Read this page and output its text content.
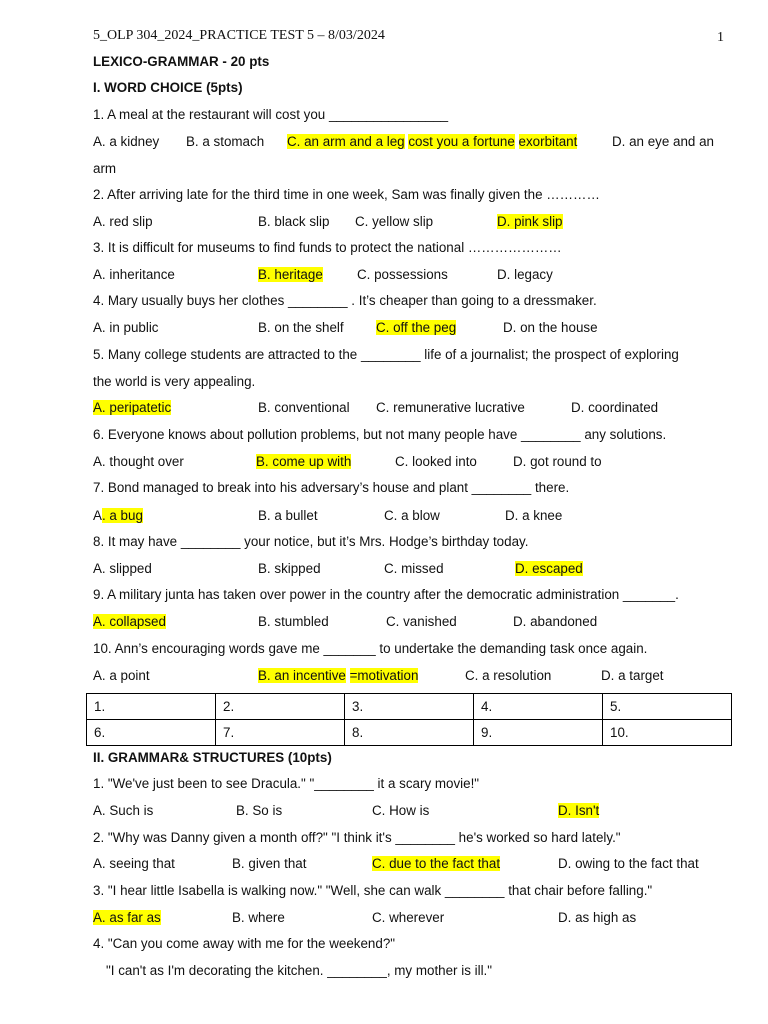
5_OLP 304_2024_PRACTICE TEST 5 – 8/03/2024	1
LEXICO-GRAMMAR - 20 pts
I. WORD CHOICE (5pts)
1. A meal at the restaurant will cost you ________________
A. a kidney B. a stomach C. an arm and a leg cost you a fortune exorbitant	D. an eye and an
arm
2. After arriving late for the third time in one week, Sam was finally given the …………
A. red slip	B. black slip C. yellow slip	D. pink slip
3. It is difficult for museums to find funds to protect the national …………………
A. inheritance	B. heritage	C. possessions	D. legacy
4. Mary usually buys her clothes ________ . It’s cheaper than going to a dressmaker.
A. in public	B. on the shelf C. off the peg	D. on the house
5. Many college students are attracted to the ________ life of a journalist; the prospect of exploring
the world is very appealing.
A. peripatetic	B. conventional C. remunerative lucrative	D. coordinated
6. Everyone knows about pollution problems, but not many people have ________ any solutions.
A. thought over	B. come up with	C. looked into	D. got round to
7. Bond managed to break into his adversary’s house and plant ________ there.
A. a bug	B. a bullet	C. a blow	D. a knee
8. It may have ________ your notice, but it’s Mrs. Hodge’s birthday today.
A. slipped	B. skipped	C. missed	D. escaped
9. A military junta has taken over power in the country after the democratic administration _______.
A. collapsed	B. stumbled	C. vanished	D. abandoned
10. Ann’s encouraging words gave me _______ to undertake the demanding task once again.
A. a point	B. an incentive =motivation	C. a resolution	D. a target
1.	2.	3.	4.	5.
6.	7.	8.	9.	10.
II. GRAMMAR& STRUCTURES (10pts)
1. "We've just been to see Dracula." "________ it a scary movie!"
A. Such is	B. So is	C. How is	D. Isn't
2. "Why was Danny given a month off?" "I think it's ________ he's worked so hard lately."
A. seeing that	B. given that	C. due to the fact that	D. owing to the fact that
3. "I hear little Isabella is walking now." "Well, she can walk ________ that chair before falling."
A. as far as	B. where	C. wherever	D. as high as
4. "Can you come away with me for the weekend?"
"I can't as I'm decorating the kitchen. ________, my mother is ill."
